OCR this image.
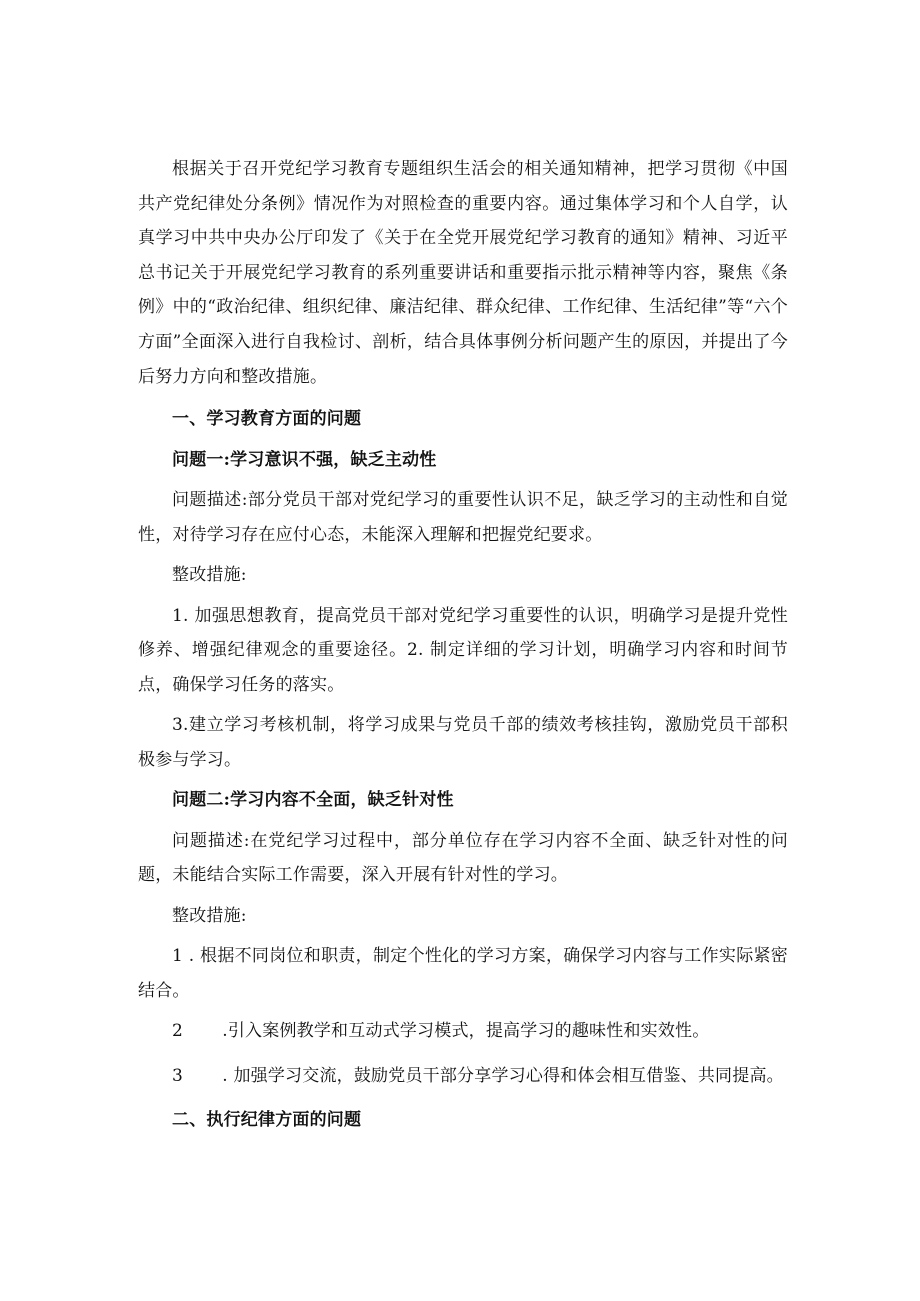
根据关于召开党纪学习教育专题组织生活会的相关通知精神，把学习贯彻《中国共产党纪律处分条例》情况作为对照检查的重要内容。通过集体学习和个人自学，认真学习中共中央办公厅印发了《关于在全党开展党纪学习教育的通知》精神、习近平总书记关于开展党纪学习教育的系列重要讲话和重要指示批示精神等内容，聚焦《条例》中的“政治纪律、组织纪律、廉洁纪律、群众纪律、工作纪律、生活纪律”等“六个方面”全面深入进行自我检讨、剖析，结合具体事例分析问题产生的原因，并提出了今后努力方向和整改措施。

一、学习教育方面的问题

问题一:学习意识不强，缺乏主动性

问题描述:部分党员干部对党纪学习的重要性认识不足，缺乏学习的主动性和自觉性，对待学习存在应付心态，未能深入理解和把握党纪要求。

整改措施:

1. 加强思想教育，提高党员干部对党纪学习重要性的认识，明确学习是提升党性修养、增强纪律观念的重要途径。2. 制定详细的学习计划，明确学习内容和时间节点，确保学习任务的落实。

3.建立学习考核机制，将学习成果与党员千部的绩效考核挂钩，激励党员干部积极参与学习。

问题二:学习内容不全面，缺乏针对性

问题描述:在党纪学习过程中，部分单位存在学习内容不全面、缺乏针对性的问题，未能结合实际工作需要，深入开展有针对性的学习。

整改措施:

1 . 根据不同岗位和职责，制定个性化的学习方案，确保学习内容与工作实际紧密结合。

2       .引入案例教学和互动式学习模式，提高学习的趣味性和实效性。

3       . 加强学习交流，鼓励党员干部分享学习心得和体会相互借鉴、共同提高。

二、执行纪律方面的问题
